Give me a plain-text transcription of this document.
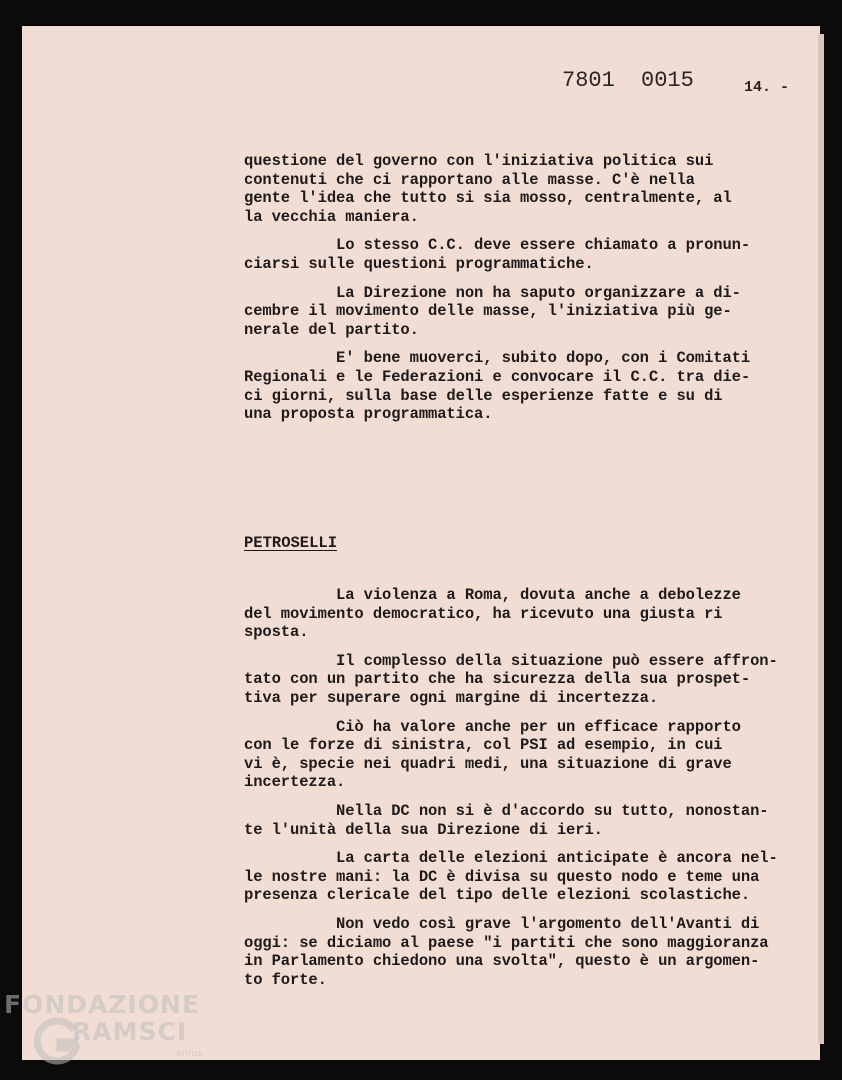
7801 0015	14. -

questione del governo con l'iniziativa politica sui
contenuti che ci rapportano alle masse. C'è nella
gente l'idea che tutto si sia mosso, centralmente, al
la vecchia maniera.

Lo stesso C.C. deve essere chiamato a pronun-
ciarsi sulle questioni programmatiche.

La Direzione non ha saputo organizzare a di-
cembre il movimento delle masse, l'iniziativa più ge-
nerale del partito.

E' bene muoverci, subito dopo, con i Comitati
Regionali e le Federazioni e convocare il C.C. tra die-
ci giorni, sulla base delle esperienze fatte e su di
una proposta programmatica.

PETROSELLI

La violenza a Roma, dovuta anche a debolezze
del movimento democratico, ha ricevuto una giusta ri
sposta.

Il complesso della situazione può essere affron-
tato con un partito che ha sicurezza della sua prospet-
tiva per superare ogni margine di incertezza.

Ciò ha valore anche per un efficace rapporto
con le forze di sinistra, col PSI ad esempio, in cui
vi è, specie nei quadri medi, una situazione di grave
incertezza.

Nella DC non si è d'accordo su tutto, nonostan-
te l'unità della sua Direzione di ieri.

La carta delle elezioni anticipate è ancora nel-
le nostre mani: la DC è divisa su questo nodo e teme una
presenza clericale del tipo delle elezioni scolastiche.

Non vedo così grave l'argomento dell'Avanti di
oggi: se diciamo al paese "i partiti che sono maggioranza
in Parlamento chiedono una svolta", questo è un argomen-
to forte.

FONDAZIONE
RAMSCI
onlus
